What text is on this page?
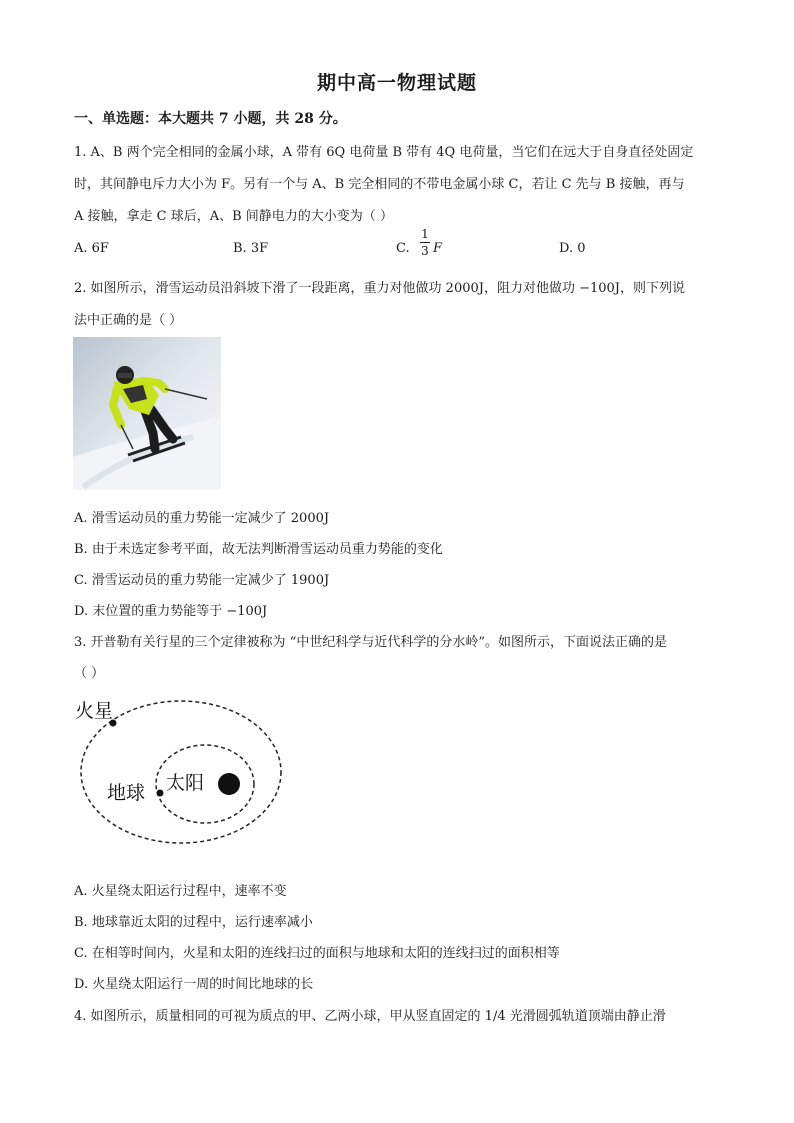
期中高一物理试题
一、单选题：本大题共 7 小题，共 28 分。
1. A、B 两个完全相同的金属小球，A 带有 6Q 电荷量 B 带有 4Q 电荷量，当它们在远大于自身直径处固定
时，其间静电斥力大小为 F。另有一个与 A、B 完全相同的不带电金属小球 C，若让 C 先与 B 接触，再与
A 接触，拿走 C 球后，A、B 间静电力的大小变为（ ）
A. 6F	B. 3F	C.
1
3 F	D. 0
2. 如图所示，滑雪运动员沿斜坡下滑了一段距离，重力对他做功 2000J，阻力对他做功 −100J，则下列说
法中正确的是（ ）
A. 滑雪运动员的重力势能一定减少了 2000J
B. 由于未选定参考平面，故无法判断滑雪运动员重力势能的变化
C. 滑雪运动员的重力势能一定减少了 1900J
D. 末位置的重力势能等于 −100J
3. 开普勒有关行星的三个定律被称为 “中世纪科学与近代科学的分水岭”。如图所示，下面说法正确的是
（ ）
火星
地球 太阳
A. 火星绕太阳运行过程中，速率不变
B. 地球靠近太阳的过程中，运行速率减小
C. 在相等时间内，火星和太阳的连线扫过的面积与地球和太阳的连线扫过的面积相等
D. 火星绕太阳运行一周的时间比地球的长
4. 如图所示，质量相同的可视为质点的甲、乙两小球，甲从竖直固定的 1/4 光滑圆弧轨道顶端由静止滑
